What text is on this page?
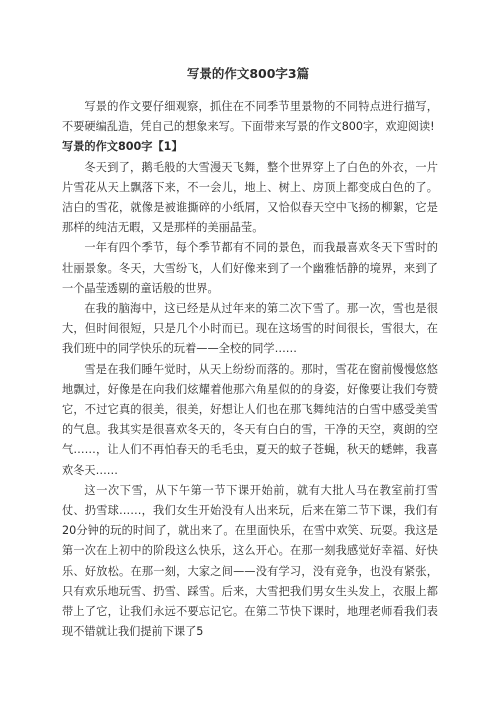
写景的作文800字3篇

写景的作文要仔细观察，抓住在不同季节里景物的不同特点进行描写，不要硬编乱造，凭自己的想象来写。下面带来写景的作文800字，欢迎阅读!

写景的作文800字【1】

冬天到了，鹅毛般的大雪漫天飞舞，整个世界穿上了白色的外衣，一片片雪花从天上飘落下来，不一会儿，地上、树上、房顶上都变成白色的了。洁白的雪花，就像是被谁撕碎的小纸屑，又恰似春天空中飞扬的柳絮，它是那样的纯洁无暇，又是那样的美丽晶莹。

一年有四个季节，每个季节都有不同的景色，而我最喜欢冬天下雪时的壮丽景象。冬天，大雪纷飞，人们好像来到了一个幽雅恬静的境界，来到了一个晶莹透剔的童话般的世界。

在我的脑海中，这已经是从过年来的第二次下雪了。那一次，雪也是很大，但时间很短，只是几个小时而已。现在这场雪的时间很长，雪很大，在我们班中的同学快乐的玩着——全校的同学……

雪是在我们睡午觉时，从天上纷纷而落的。那时，雪花在窗前慢慢悠悠地飘过，好像是在向我们炫耀着他那六角星似的的身姿，好像要让我们夸赞它，不过它真的很美，很美，好想让人们也在那飞舞纯洁的白雪中感受美雪的气息。我其实是很喜欢冬天的，冬天有白白的雪，干净的天空，爽朗的空气……，让人们不再怕春天的毛毛虫，夏天的蚊子苍蝇，秋天的蟋蟀，我喜欢冬天……

这一次下雪，从下午第一节下课开始前，就有大批人马在教室前打雪仗、扔雪球……，我们女生开始没有人出来玩，后来在第二节下课，我们有20分钟的玩的时间了，就出来了。在里面快乐，在雪中欢笑、玩耍。我这是第一次在上初中的阶段这么快乐，这么开心。在那一刻我感觉好幸福、好快乐、好放松。在那一刻，大家之间——没有学习，没有竞争，也没有紧张，只有欢乐地玩雪、扔雪、踩雪。后来，大雪把我们男女生头发上，衣服上都带上了它，让我们永远不要忘记它。在第二节快下课时，地理老师看我们表现不错就让我们提前下课了5
